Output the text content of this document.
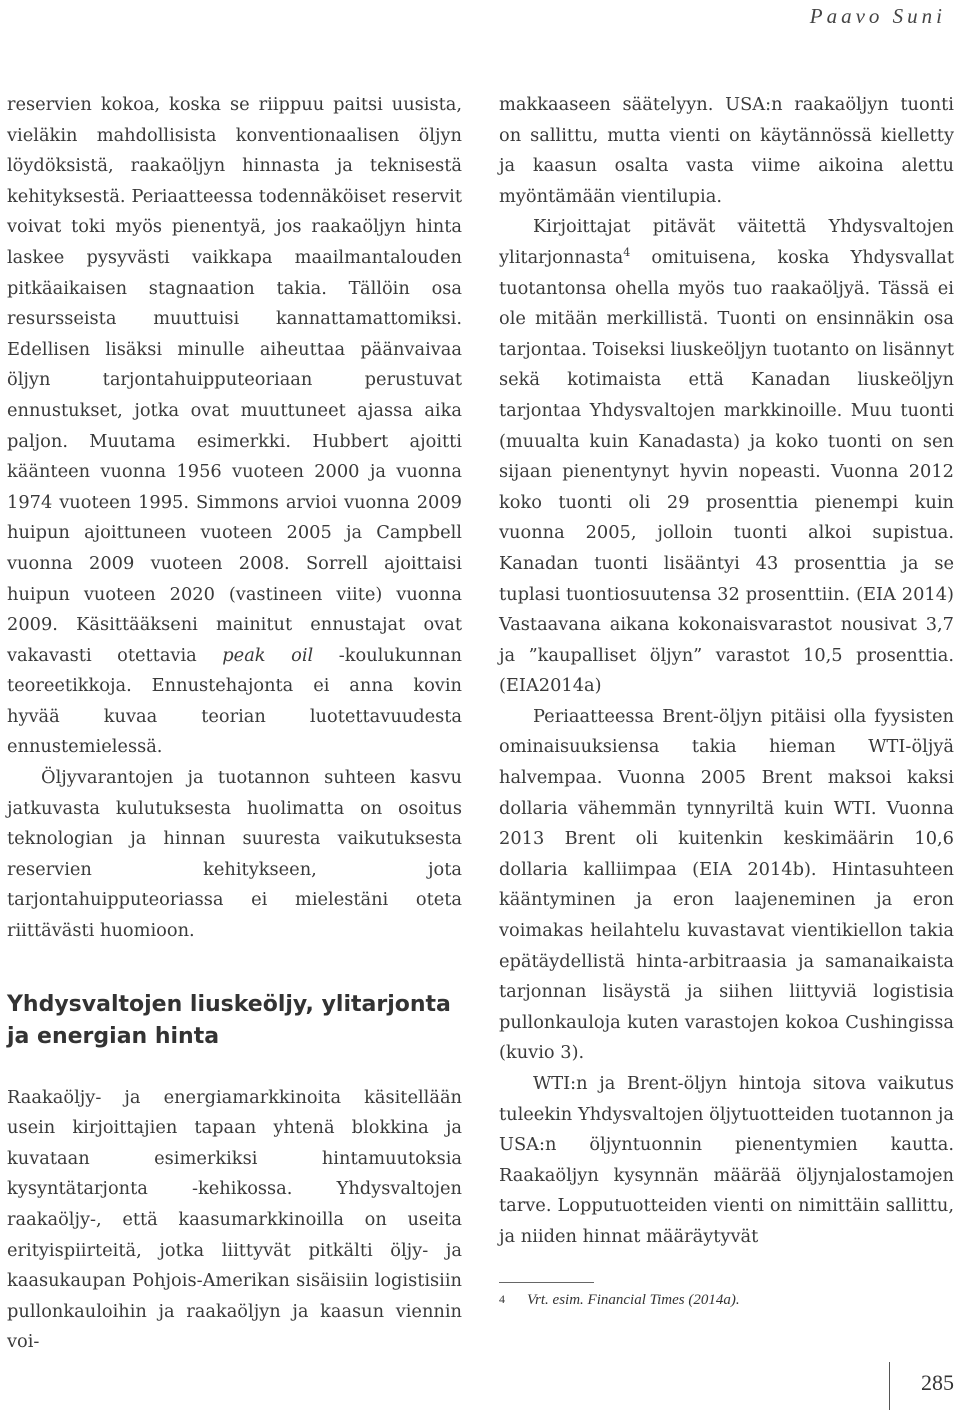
Paavo Suni

reservien kokoa, koska se riippuu paitsi uusista, vieläkin mahdollisista konventionaalisen öljyn löydöksistä, raakaöljyn hinnasta ja teknisestä kehityksestä. Periaatteessa todennäköiset reservit voivat toki myös pienentyä, jos raakaöljyn hinta laskee pysyvästi vaikkapa maailmantalouden pitkäaikaisen stagnaation takia. Tällöin osa resursseista muuttuisi kannattamattomiksi. Edellisen lisäksi minulle aiheuttaa päänvaivaa öljyn tarjontahuipputeoriaan perustuvat ennustukset, jotka ovat muuttuneet ajassa aika paljon. Muutama esimerkki. Hubbert ajoitti käänteen vuonna 1956 vuoteen 2000 ja vuonna 1974 vuoteen 1995. Simmons arvioi vuonna 2009 huipun ajoittuneen vuoteen 2005 ja Campbell vuonna 2009 vuoteen 2008. Sorrell ajoittaisi huipun vuoteen 2020 (vastineen viite) vuonna 2009. Käsittääkseni mainitut ennustajat ovat vakavasti otettavia peak oil -koulukunnan teoreetikkoja. Ennustehajonta ei anna kovin hyvää kuvaa teorian luotettavuudesta ennustemielessä.

Öljyvarantojen ja tuotannon suhteen kasvu jatkuvasta kulutuksesta huolimatta on osoitus teknologian ja hinnan suuresta vaikutuksesta reservien kehitykseen, jota tarjontahuipputeoriassa ei mielestäni oteta riittävästi huomioon.

Yhdysvaltojen liuskeöljy, ylitarjonta ja energian hinta

Raakaöljy- ja energiamarkkinoita käsitellään usein kirjoittajien tapaan yhtenä blokkina ja kuvataan esimerkiksi hintamuutoksia kysyntätarjonta -kehikossa. Yhdysvaltojen raakaöljy-, että kaasumarkkinoilla on useita erityispiirteitä, jotka liittyvät pitkälti öljy- ja kaasukaupan Pohjois-Amerikan sisäisiin logistisiin pullonkauloihin ja raakaöljyn ja kaasun viennin voi-

makkaaseen säätelyyn. USA:n raakaöljyn tuonti on sallittu, mutta vienti on käytännössä kielletty ja kaasun osalta vasta viime aikoina alettu myöntämään vientilupia.

Kirjoittajat pitävät väitettä Yhdysvaltojen ylitarjonnasta$^4$ omituisena, koska Yhdysvallat tuotantonsa ohella myös tuo raakaöljyä. Tässä ei ole mitään merkillistä. Tuonti on ensinnäkin osa tarjontaa. Toiseksi liuskeöljyn tuotanto on lisännyt sekä kotimaista että Kanadan liuskeöljyn tarjontaa Yhdysvaltojen markkinoille. Muu tuonti (muualta kuin Kanadasta) ja koko tuonti on sen sijaan pienentynyt hyvin nopeasti. Vuonna 2012 koko tuonti oli 29 prosenttia pienempi kuin vuonna 2005, jolloin tuonti alkoi supistua. Kanadan tuonti lisääntyi 43 prosenttia ja se tuplasi tuontiosuutensa 32 prosenttiin. (EIA 2014) Vastaavana aikana kokonaisvarastot nousivat 3,7 ja ”kaupalliset öljyn” varastot 10,5 prosenttia. (EIA2014a)

Periaatteessa Brent-öljyn pitäisi olla fyysisten ominaisuuksiensa takia hieman WTI-öljyä halvempaa. Vuonna 2005 Brent maksoi kaksi dollaria vähemmän tynnyriltä kuin WTI. Vuonna 2013 Brent oli kuitenkin keskimäärin 10,6 dollaria kalliimpaa (EIA 2014b). Hintasuhteen kääntyminen ja eron laajeneminen ja eron voimakas heilahtelu kuvastavat vientikiellon takia epätäydellistä hinta-arbitraasia ja samanaikaista tarjonnan lisäystä ja siihen liittyviä logistisia pullonkauloja kuten varastojen kokoa Cushingissa (kuvio 3).

WTI:n ja Brent-öljyn hintoja sitova vaikutus tuleekin Yhdysvaltojen öljytuotteiden tuotannon ja USA:n öljyntuonnin pienentymien kautta. Raakaöljyn kysynnän määrää öljynjalostamojen tarve. Lopputuotteiden vienti on nimittäin sallittu, ja niiden hinnat määräytyvät

4 Vrt. esim. Financial Times (2014a).
285
